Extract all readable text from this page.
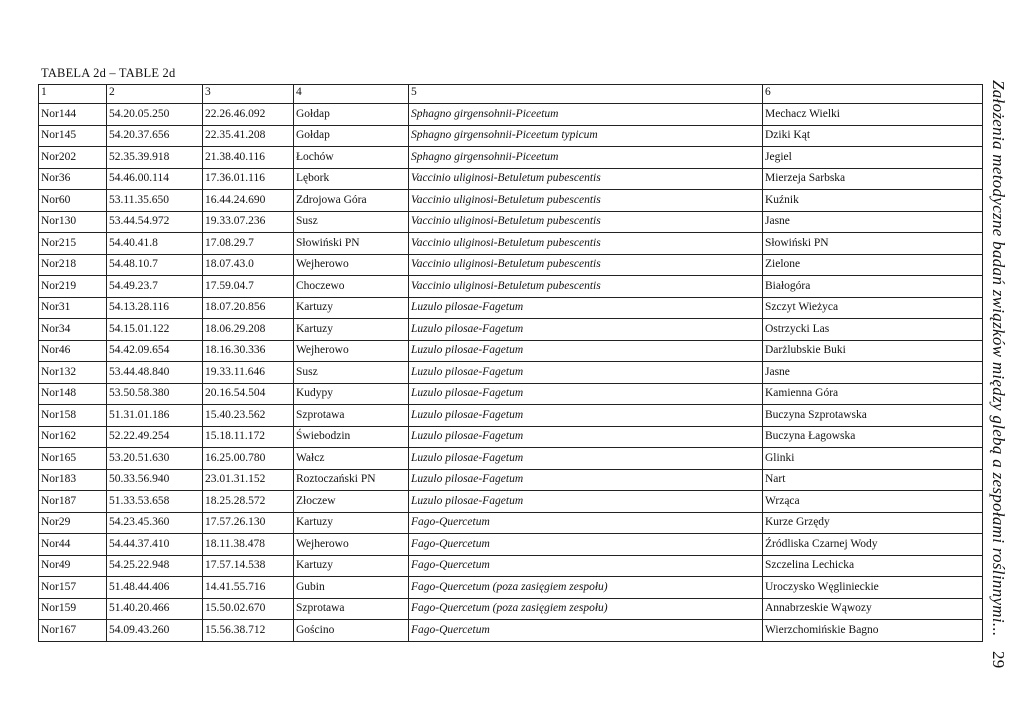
TABELA 2d – TABLE 2d
1	2	3	4	5	6
Nor144	54.20.05.250	22.26.46.092	Gołdap	Sphagno girgensohnii-Piceetum	Mechacz Wielki
Nor145	54.20.37.656	22.35.41.208	Gołdap	Sphagno girgensohnii-Piceetum typicum	Dziki Kąt
Nor202	52.35.39.918	21.38.40.116	Łochów	Sphagno girgensohnii-Piceetum	Jegiel
Nor36	54.46.00.114	17.36.01.116	Lębork	Vaccinio uliginosi-Betuletum pubescentis	Mierzeja Sarbska
Nor60	53.11.35.650	16.44.24.690	Zdrojowa Góra	Vaccinio uliginosi-Betuletum pubescentis	Kuźnik
Nor130	53.44.54.972	19.33.07.236	Susz	Vaccinio uliginosi-Betuletum pubescentis	Jasne
Nor215	54.40.41.8	17.08.29.7	Słowiński PN	Vaccinio uliginosi-Betuletum pubescentis	Słowiński PN
Nor218	54.48.10.7	18.07.43.0	Wejherowo	Vaccinio uliginosi-Betuletum pubescentis	Zielone
Nor219	54.49.23.7	17.59.04.7	Choczewo	Vaccinio uliginosi-Betuletum pubescentis	Białogóra
Nor31	54.13.28.116	18.07.20.856	Kartuzy	Luzulo pilosae-Fagetum	Szczyt Wieżyca
Nor34	54.15.01.122	18.06.29.208	Kartuzy	Luzulo pilosae-Fagetum	Ostrzycki Las
Nor46	54.42.09.654	18.16.30.336	Wejherowo	Luzulo pilosae-Fagetum	Darżlubskie Buki
Nor132	53.44.48.840	19.33.11.646	Susz	Luzulo pilosae-Fagetum	Jasne
Nor148	53.50.58.380	20.16.54.504	Kudypy	Luzulo pilosae-Fagetum	Kamienna Góra
Nor158	51.31.01.186	15.40.23.562	Szprotawa	Luzulo pilosae-Fagetum	Buczyna Szprotawska
Nor162	52.22.49.254	15.18.11.172	Świebodzin	Luzulo pilosae-Fagetum	Buczyna Łagowska
Nor165	53.20.51.630	16.25.00.780	Wałcz	Luzulo pilosae-Fagetum	Glinki
Nor183	50.33.56.940	23.01.31.152	Roztoczański PN	Luzulo pilosae-Fagetum	Nart
Nor187	51.33.53.658	18.25.28.572	Złoczew	Luzulo pilosae-Fagetum	Wrząca
Nor29	54.23.45.360	17.57.26.130	Kartuzy	Fago-Quercetum	Kurze Grzędy
Nor44	54.44.37.410	18.11.38.478	Wejherowo	Fago-Quercetum	Źródliska Czarnej Wody
Nor49	54.25.22.948	17.57.14.538	Kartuzy	Fago-Quercetum	Szczelina Lechicka
Nor157	51.48.44.406	14.41.55.716	Gubin	Fago-Quercetum (poza zasięgiem zespołu)	Uroczysko Węglinieckie
Nor159	51.40.20.466	15.50.02.670	Szprotawa	Fago-Quercetum (poza zasięgiem zespołu)	Annabrzeskie Wąwozy
Nor167	54.09.43.260	15.56.38.712	Gościno	Fago-Quercetum	Wierzchomińskie Bagno	Założenia metodyczne badań związków między glebą a zespołami roślinnymi...29
